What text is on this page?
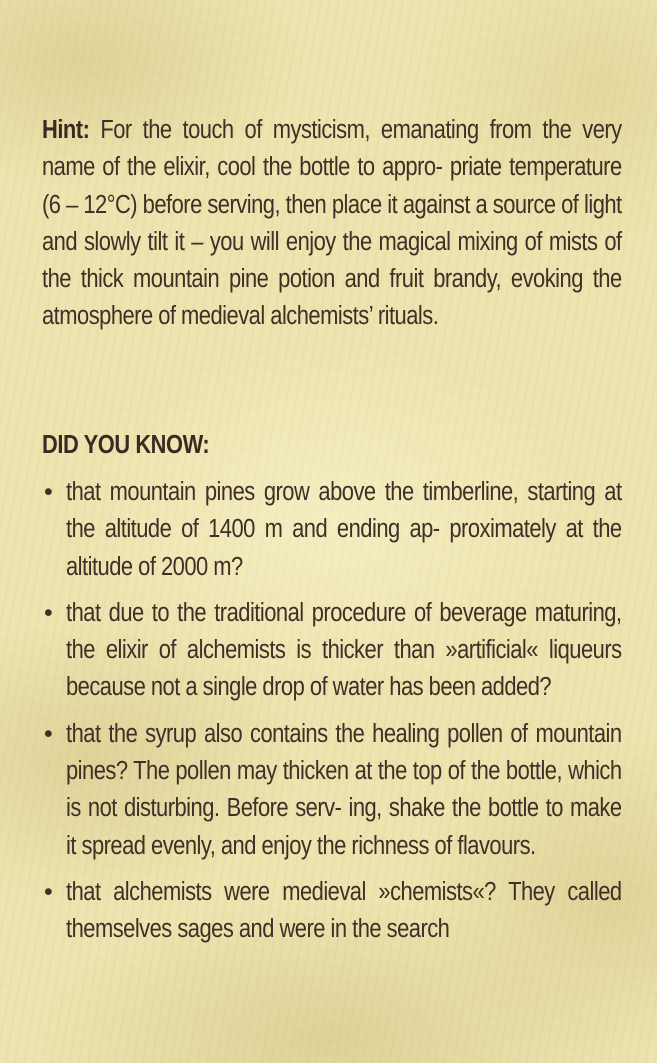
Hint: For the touch of mysticism, emanating from the very name of the elixir, cool the bottle to appro- priate temperature (6 – 12°C) before serving, then place it against a source of light and slowly tilt it – you will enjoy the magical mixing of mists of the thick mountain pine potion and fruit brandy, evoking the atmosphere of medieval alchemists’ rituals.

DID YOU KNOW:
• that mountain pines grow above the timberline, starting at the altitude of 1400 m and ending ap- proximately at the altitude of 2000 m?
• that due to the traditional procedure of beverage maturing, the elixir of alchemists is thicker than »artificial« liqueurs because not a single drop of water has been added?
• that the syrup also contains the healing pollen of mountain pines? The pollen may thicken at the top of the bottle, which is not disturbing. Before serv- ing, shake the bottle to make it spread evenly, and enjoy the richness of flavours.
• that alchemists were medieval »chemists«? They called themselves sages and were in the search
